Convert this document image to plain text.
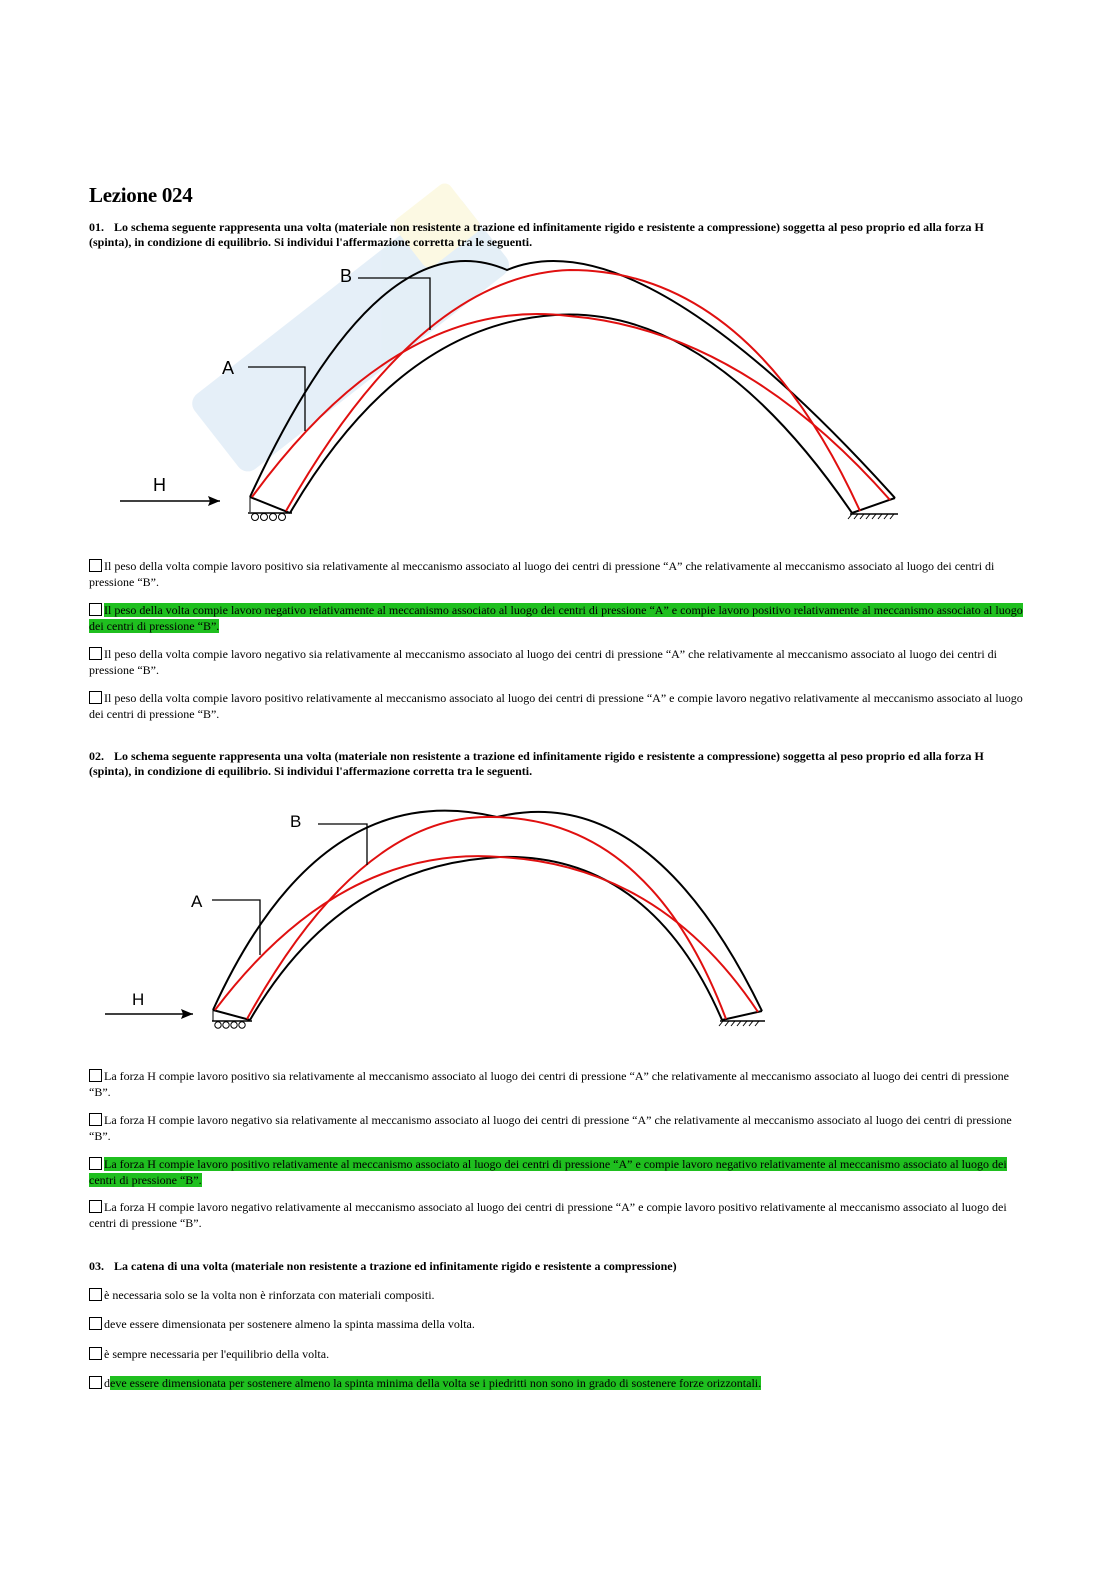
Lezione 024
01. Lo schema seguente rappresenta una volta (materiale non resistente a trazione ed infinitamente rigido e resistente a compressione) soggetta al peso proprio ed alla forza H (spinta), in condizione di equilibrio. Si individui l'affermazione corretta tra le seguenti.
H
A
B
Il peso della volta compie lavoro positivo sia relativamente al meccanismo associato al luogo dei centri di pressione “A” che relativamente al meccanismo associato al luogo dei centri di pressione “B”.
Il peso della volta compie lavoro negativo relativamente al meccanismo associato al luogo dei centri di pressione “A” e compie lavoro positivo relativamente al meccanismo associato al luogo dei centri di pressione “B”.
Il peso della volta compie lavoro negativo sia relativamente al meccanismo associato al luogo dei centri di pressione “A” che relativamente al meccanismo associato al luogo dei centri di pressione “B”.
Il peso della volta compie lavoro positivo relativamente al meccanismo associato al luogo dei centri di pressione “A” e compie lavoro negativo relativamente al meccanismo associato al luogo dei centri di pressione “B”.
02. Lo schema seguente rappresenta una volta (materiale non resistente a trazione ed infinitamente rigido e resistente a compressione) soggetta al peso proprio ed alla forza H (spinta), in condizione di equilibrio. Si individui l'affermazione corretta tra le seguenti.
H
A
B
La forza H compie lavoro positivo sia relativamente al meccanismo associato al luogo dei centri di pressione “A” che relativamente al meccanismo associato al luogo dei centri di pressione “B”.
La forza H compie lavoro negativo sia relativamente al meccanismo associato al luogo dei centri di pressione “A” che relativamente al meccanismo associato al luogo dei centri di pressione “B”.
La forza H compie lavoro positivo relativamente al meccanismo associato al luogo dei centri di pressione “A” e compie lavoro negativo relativamente al meccanismo associato al luogo dei centri di pressione “B”.
La forza H compie lavoro negativo relativamente al meccanismo associato al luogo dei centri di pressione “A” e compie lavoro positivo relativamente al meccanismo associato al luogo dei centri di pressione “B”.
03. La catena di una volta (materiale non resistente a trazione ed infinitamente rigido e resistente a compressione)
è necessaria solo se la volta non è rinforzata con materiali compositi.
deve essere dimensionata per sostenere almeno la spinta massima della volta.
è sempre necessaria per l'equilibrio della volta.
deve essere dimensionata per sostenere almeno la spinta minima della volta se i piedritti non sono in grado di sostenere forze orizzontali.
